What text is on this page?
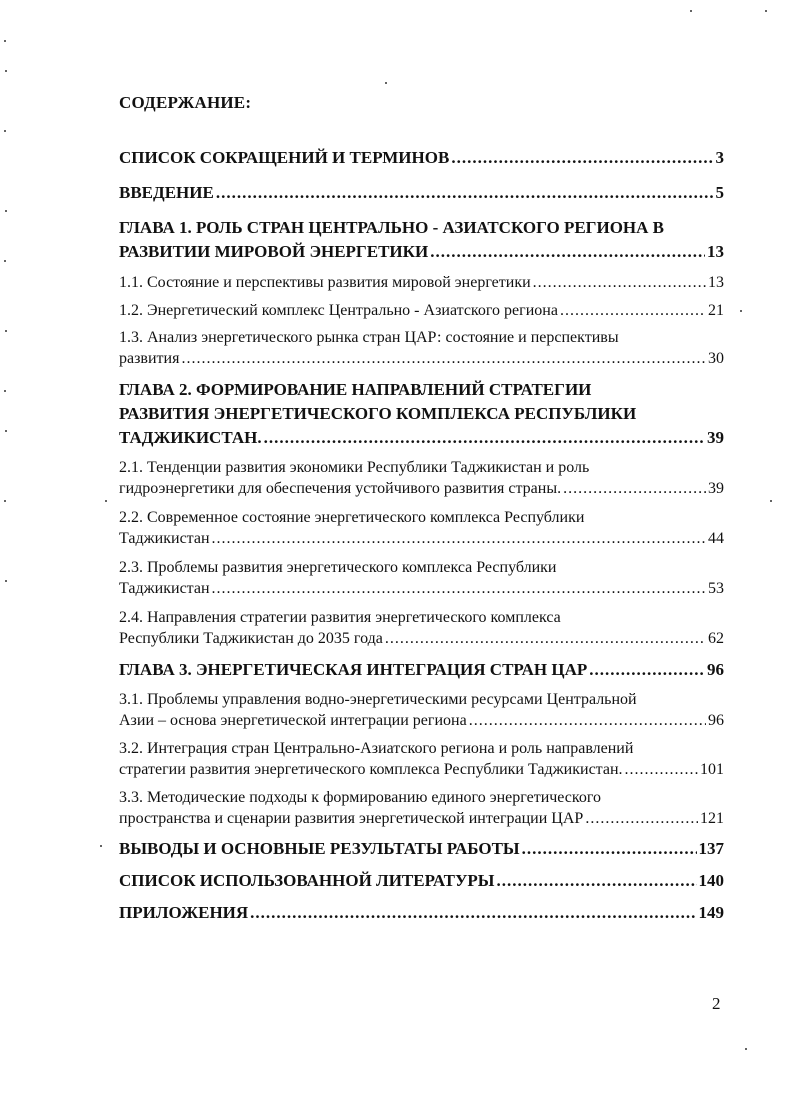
СОДЕРЖАНИЕ:
СПИСОК СОКРАЩЕНИЙ И ТЕРМИНОВ .....	3
ВВЕДЕНИЕ .....	5
ГЛАВА 1. РОЛЬ СТРАН ЦЕНТРАЛЬНО - АЗИАТСКОГО РЕГИОНА В
РАЗВИТИИ МИРОВОЙ ЭНЕРГЕТИКИ .....	13
1.1. Состояние и перспективы развития мировой энергетики .....	13
1.2. Энергетический комплекс Центрально - Азиатского региона .....	21
1.3. Анализ энергетического рынка стран ЦАР: состояние и перспективы
развития .....	30
ГЛАВА 2. ФОРМИРОВАНИЕ НАПРАВЛЕНИЙ СТРАТЕГИИ
РАЗВИТИЯ ЭНЕРГЕТИЧЕСКОГО КОМПЛЕКСА РЕСПУБЛИКИ
ТАДЖИКИСТАН. .....	39
2.1. Тенденции развития экономики Республики Таджикистан и роль
гидроэнергетики для обеспечения устойчивого развития страны. .....	39
2.2. Современное состояние энергетического комплекса Республики
Таджикистан .....	44
2.3. Проблемы развития энергетического комплекса Республики
Таджикистан .....	53
2.4. Направления стратегии развития энергетического комплекса
Республики Таджикистан до 2035 года .....	62
ГЛАВА 3. ЭНЕРГЕТИЧЕСКАЯ ИНТЕГРАЦИЯ СТРАН ЦАР .....	96
3.1. Проблемы управления водно-энергетическими ресурсами Центральной
Азии – основа энергетической интеграции региона .....	96
3.2. Интеграция стран Центрально-Азиатского региона и роль направлений
стратегии развития энергетического комплекса Республики Таджикистан. .....	101
3.3. Методические подходы к формированию единого энергетического
пространства и сценарии развития энергетической интеграции ЦАР .....	121
ВЫВОДЫ И ОСНОВНЫЕ РЕЗУЛЬТАТЫ РАБОТЫ .....	137
СПИСОК ИСПОЛЬЗОВАННОЙ ЛИТЕРАТУРЫ .....	140
ПРИЛОЖЕНИЯ .....	149
2
